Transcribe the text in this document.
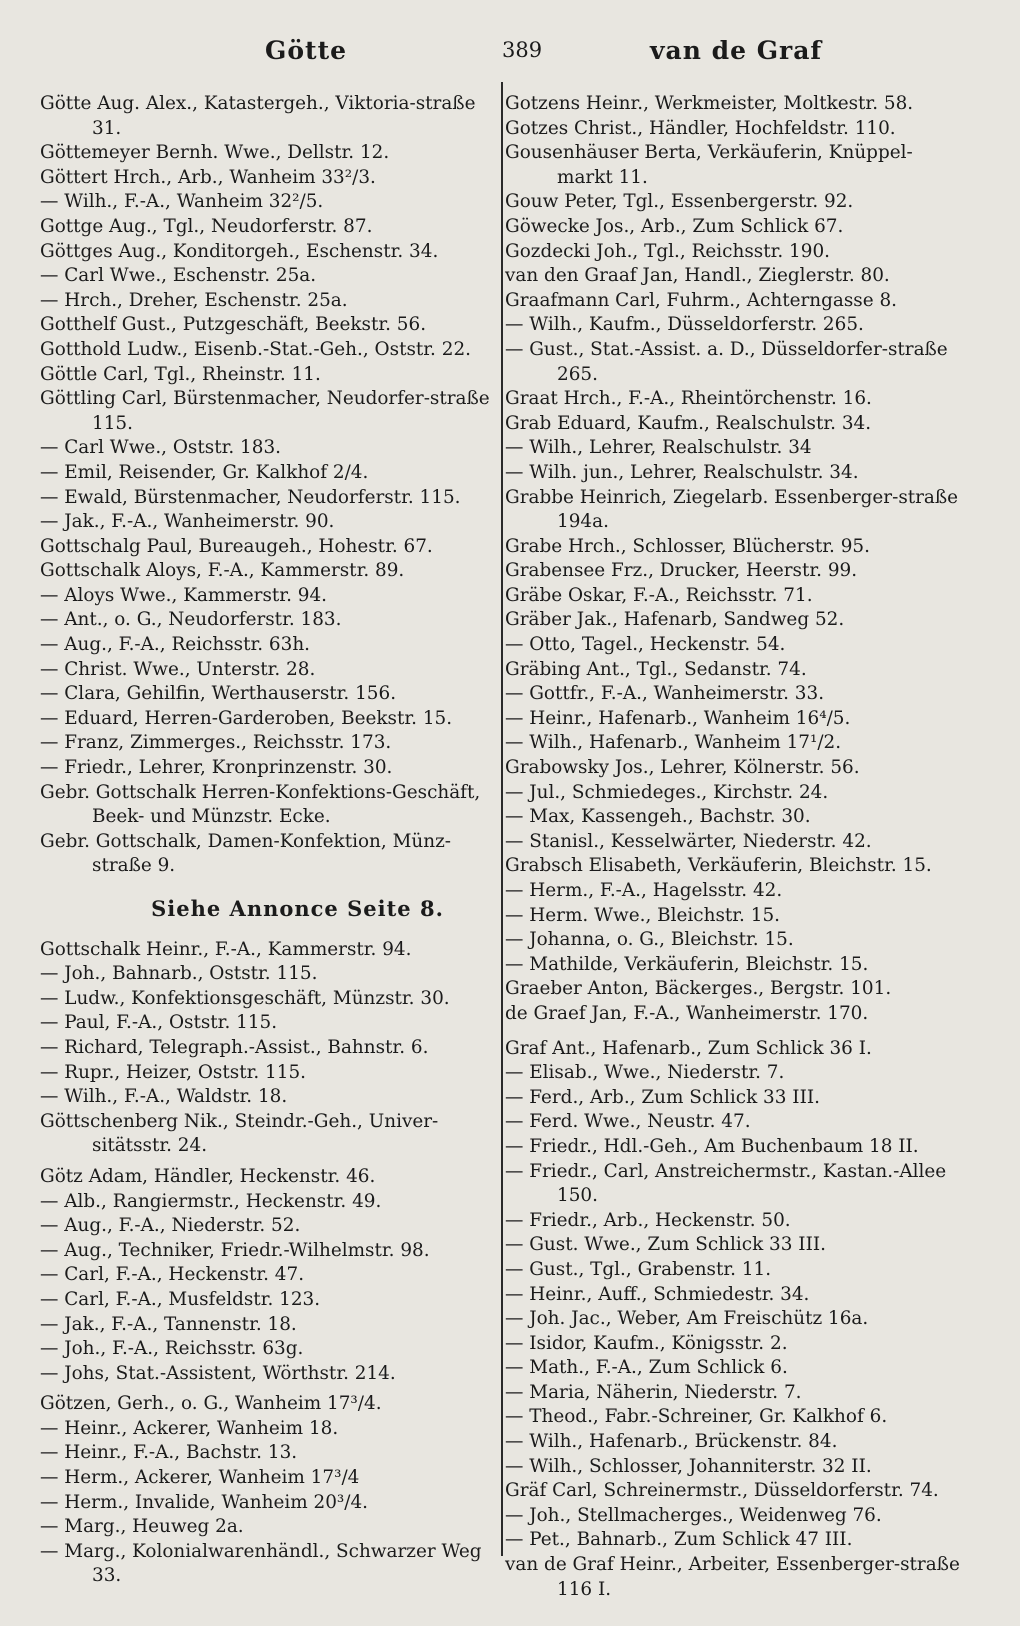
Götte	389	van de Graf
Götte Aug. Alex., Katastergeh., Viktoria-straße 31.
Göttemeyer Bernh. Wwe., Dellstr. 12.
Göttert Hrch., Arb., Wanheim 33²/3.
— Wilh., F.-A., Wanheim 32²/5.
Gottge Aug., Tgl., Neudorferstr. 87.
Göttges Aug., Konditorgeh., Eschenstr. 34.
— Carl Wwe., Eschenstr. 25a.
— Hrch., Dreher, Eschenstr. 25a.
Gotthelf Gust., Putzgeschäft, Beekstr. 56.
Gotthold Ludw., Eisenb.-Stat.-Geh., Oststr. 22.
Göttle Carl, Tgl., Rheinstr. 11.
Göttling Carl, Bürstenmacher, Neudorfer-straße 115.
— Carl Wwe., Oststr. 183.
— Emil, Reisender, Gr. Kalkhof 2/4.
— Ewald, Bürstenmacher, Neudorferstr. 115.
— Jak., F.-A., Wanheimerstr. 90.
Gottschalg Paul, Bureaugeh., Hohestr. 67.
Gottschalk Aloys, F.-A., Kammerstr. 89.
— Aloys Wwe., Kammerstr. 94.
— Ant., o. G., Neudorferstr. 183.
— Aug., F.-A., Reichsstr. 63h.
— Christ. Wwe., Unterstr. 28.
— Clara, Gehilfin, Werthauserstr. 156.
— Eduard, Herren-Garderoben, Beekstr. 15.
— Franz, Zimmerges., Reichsstr. 173.
— Friedr., Lehrer, Kronprinzenstr. 30.
Gebr. Gottschalk Herren-Konfektions-Geschäft, Beek- und Münzstr. Ecke.
Gebr. Gottschalk, Damen-Konfektion, Münz-straße 9.
Siehe Annonce Seite 8.
Gottschalk Heinr., F.-A., Kammerstr. 94.
— Joh., Bahnarb., Oststr. 115.
— Ludw., Konfektionsgeschäft, Münzstr. 30.
— Paul, F.-A., Oststr. 115.
— Richard, Telegraph.-Assist., Bahnstr. 6.
— Rupr., Heizer, Oststr. 115.
— Wilh., F.-A., Waldstr. 18.
Göttschenberg Nik., Steindr.-Geh., Univer-sitätsstr. 24.
Götz Adam, Händler, Heckenstr. 46.
— Alb., Rangiermstr., Heckenstr. 49.
— Aug., F.-A., Niederstr. 52.
— Aug., Techniker, Friedr.-Wilhelmstr. 98.
— Carl, F.-A., Heckenstr. 47.
— Carl, F.-A., Musfeldstr. 123.
— Jak., F.-A., Tannenstr. 18.
— Joh., F.-A., Reichsstr. 63g.
— Johs, Stat.-Assistent, Wörthstr. 214.
Götzen, Gerh., o. G., Wanheim 17³/4.
— Heinr., Ackerer, Wanheim 18.
— Heinr., F.-A., Bachstr. 13.
— Herm., Ackerer, Wanheim 17³/4
— Herm., Invalide, Wanheim 20³/4.
— Marg., Heuweg 2a.
— Marg., Kolonialwarenhändl., Schwarzer Weg 33.
Gotzens Heinr., Werkmeister, Moltkestr. 58.
Gotzes Christ., Händler, Hochfeldstr. 110.
Gousenhäuser Berta, Verkäuferin, Knüppel-markt 11.
Gouw Peter, Tgl., Essenbergerstr. 92.
Göwecke Jos., Arb., Zum Schlick 67.
Gozdecki Joh., Tgl., Reichsstr. 190.
van den Graaf Jan, Handl., Zieglerstr. 80.
Graafmann Carl, Fuhrm., Achterngasse 8.
— Wilh., Kaufm., Düsseldorferstr. 265.
— Gust., Stat.-Assist. a. D., Düsseldorfer-straße 265.
Graat Hrch., F.-A., Rheintörchenstr. 16.
Grab Eduard, Kaufm., Realschulstr. 34.
— Wilh., Lehrer, Realschulstr. 34
— Wilh. jun., Lehrer, Realschulstr. 34.
Grabbe Heinrich, Ziegelarb. Essenberger-straße 194a.
Grabe Hrch., Schlosser, Blücherstr. 95.
Grabensee Frz., Drucker, Heerstr. 99.
Gräbe Oskar, F.-A., Reichsstr. 71.
Gräber Jak., Hafenarb, Sandweg 52.
— Otto, Tagel., Heckenstr. 54.
Gräbing Ant., Tgl., Sedanstr. 74.
— Gottfr., F.-A., Wanheimerstr. 33.
— Heinr., Hafenarb., Wanheim 16⁴/5.
— Wilh., Hafenarb., Wanheim 17¹/2.
Grabowsky Jos., Lehrer, Kölnerstr. 56.
— Jul., Schmiedeges., Kirchstr. 24.
— Max, Kassengeh., Bachstr. 30.
— Stanisl., Kesselwärter, Niederstr. 42.
Grabsch Elisabeth, Verkäuferin, Bleichstr. 15.
— Herm., F.-A., Hagelsstr. 42.
— Herm. Wwe., Bleichstr. 15.
— Johanna, o. G., Bleichstr. 15.
— Mathilde, Verkäuferin, Bleichstr. 15.
Graeber Anton, Bäckerges., Bergstr. 101.
de Graef Jan, F.-A., Wanheimerstr. 170.
Graf Ant., Hafenarb., Zum Schlick 36 I.
— Elisab., Wwe., Niederstr. 7.
— Ferd., Arb., Zum Schlick 33 III.
— Ferd. Wwe., Neustr. 47.
— Friedr., Hdl.-Geh., Am Buchenbaum 18 II.
— Friedr., Carl, Anstreichermstr., Kastan.-Allee 150.
— Friedr., Arb., Heckenstr. 50.
— Gust. Wwe., Zum Schlick 33 III.
— Gust., Tgl., Grabenstr. 11.
— Heinr., Auff., Schmiedestr. 34.
— Joh. Jac., Weber, Am Freischütz 16a.
— Isidor, Kaufm., Königsstr. 2.
— Math., F.-A., Zum Schlick 6.
— Maria, Näherin, Niederstr. 7.
— Theod., Fabr.-Schreiner, Gr. Kalkhof 6.
— Wilh., Hafenarb., Brückenstr. 84.
— Wilh., Schlosser, Johanniterstr. 32 II.
Gräf Carl, Schreinermstr., Düsseldorferstr. 74.
— Joh., Stellmacherges., Weidenweg 76.
— Pet., Bahnarb., Zum Schlick 47 III.
van de Graf Heinr., Arbeiter, Essenberger-straße 116 I.
